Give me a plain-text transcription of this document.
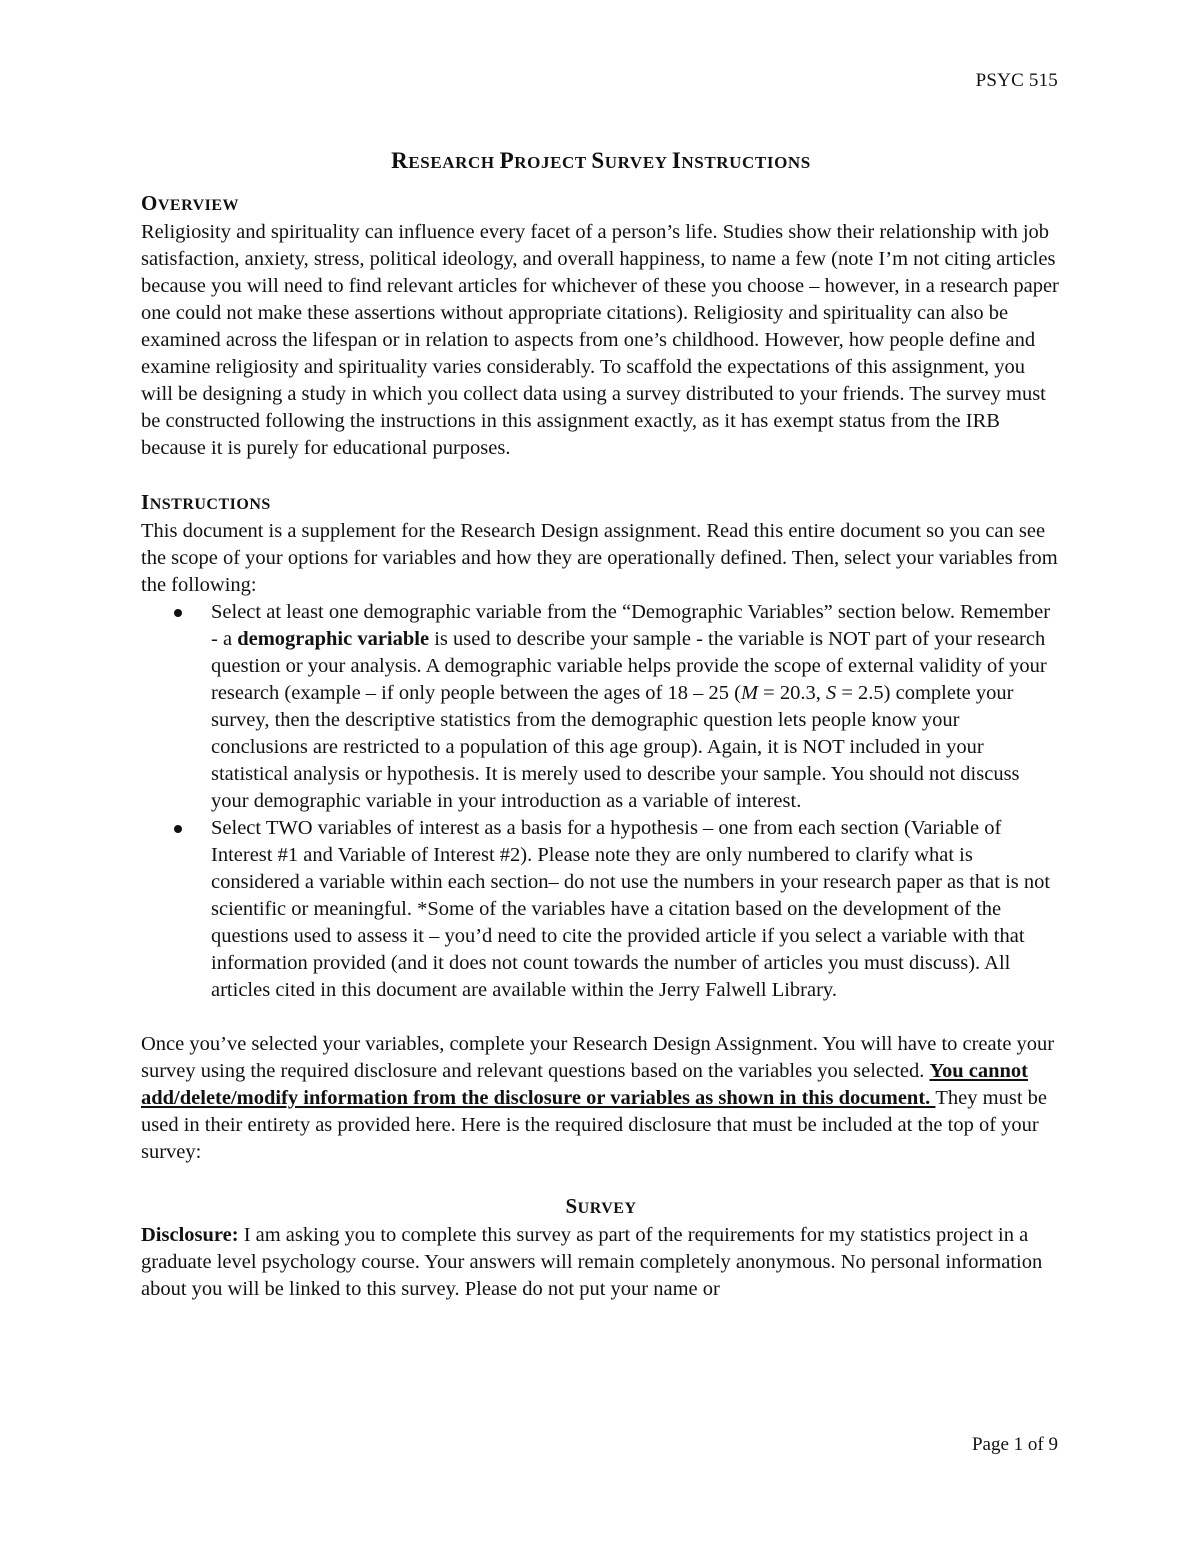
PSYC 515
RESEARCH PROJECT SURVEY INSTRUCTIONS
OVERVIEW

Religiosity and spirituality can influence every facet of a person’s life. Studies show their relationship with job satisfaction, anxiety, stress, political ideology, and overall happiness, to name a few (note I’m not citing articles because you will need to find relevant articles for whichever of these you choose – however, in a research paper one could not make these assertions without appropriate citations). Religiosity and spirituality can also be examined across the lifespan or in relation to aspects from one’s childhood. However, how people define and examine religiosity and spirituality varies considerably. To scaffold the expectations of this assignment, you will be designing a study in which you collect data using a survey distributed to your friends. The survey must be constructed following the instructions in this assignment exactly, as it has exempt status from the IRB because it is purely for educational purposes.

INSTRUCTIONS

This document is a supplement for the Research Design assignment. Read this entire document so you can see the scope of your options for variables and how they are operationally defined. Then, select your variables from the following:

Select at least one demographic variable from the “Demographic Variables” section below. Remember - a demographic variable is used to describe your sample - the variable is NOT part of your research question or your analysis. A demographic variable helps provide the scope of external validity of your research (example – if only people between the ages of 18 – 25 (M = 20.3, S = 2.5) complete your survey, then the descriptive statistics from the demographic question lets people know your conclusions are restricted to a population of this age group). Again, it is NOT included in your statistical analysis or hypothesis. It is merely used to describe your sample. You should not discuss your demographic variable in your introduction as a variable of interest.
Select TWO variables of interest as a basis for a hypothesis – one from each section (Variable of Interest #1 and Variable of Interest #2). Please note they are only numbered to clarify what is considered a variable within each section– do not use the numbers in your research paper as that is not scientific or meaningful. *Some of the variables have a citation based on the development of the questions used to assess it – you’d need to cite the provided article if you select a variable with that information provided (and it does not count towards the number of articles you must discuss). All articles cited in this document are available within the Jerry Falwell Library.

Once you’ve selected your variables, complete your Research Design Assignment. You will have to create your survey using the required disclosure and relevant questions based on the variables you selected. You cannot add/delete/modify information from the disclosure or variables as shown in this document. They must be used in their entirety as provided here. Here is the required disclosure that must be included at the top of your survey:

SURVEY

Disclosure: I am asking you to complete this survey as part of the requirements for my statistics project in a graduate level psychology course. Your answers will remain completely anonymous. No personal information about you will be linked to this survey. Please do not put your name or

Page 1 of 9
